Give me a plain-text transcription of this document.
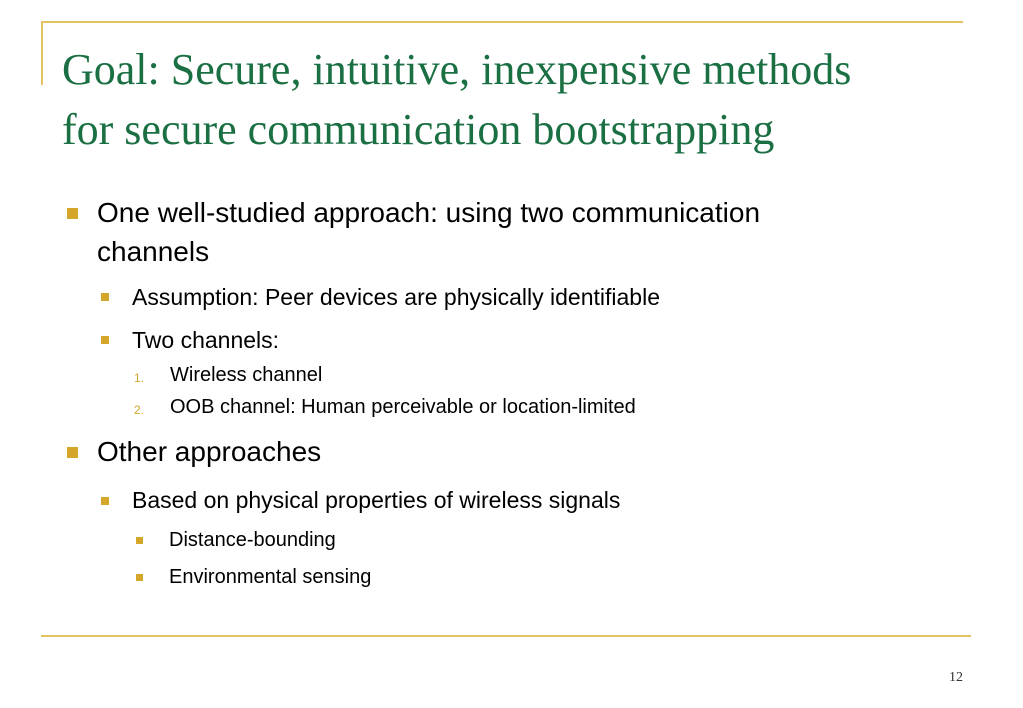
Goal: Secure, intuitive, inexpensive methods
for secure communication bootstrapping
One well-studied approach: using two communication
channels
Assumption: Peer devices are physically identifiable
Two channels:
1. Wireless channel
2. OOB channel: Human perceivable or location-limited
Other approaches
Based on physical properties of wireless signals
Distance-bounding
Environmental sensing
12
